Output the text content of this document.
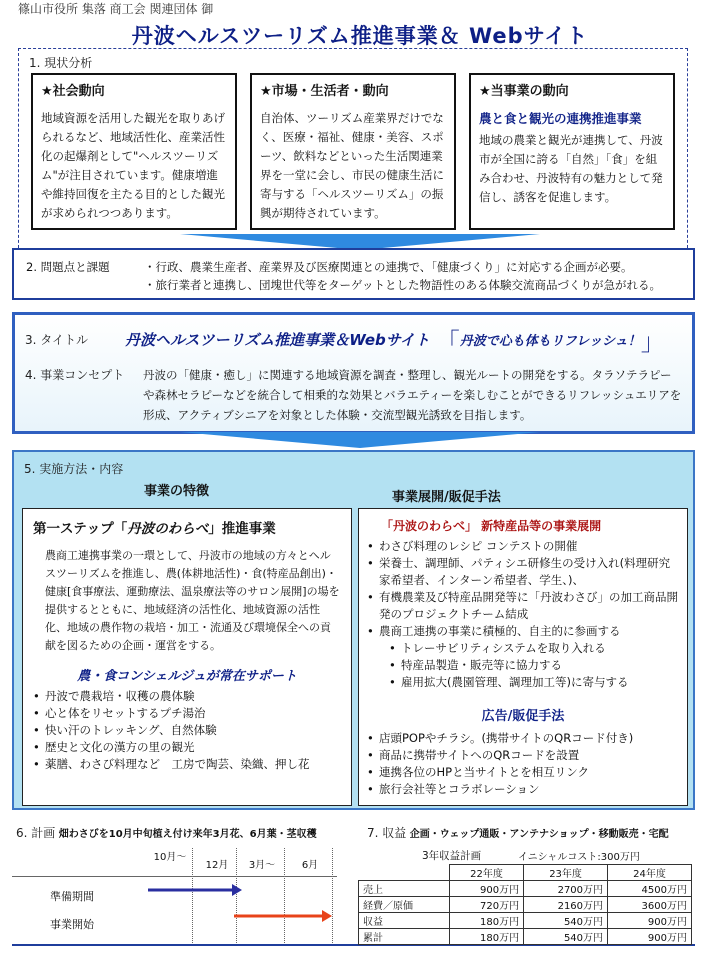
篠山市役所 集落 商工会 関連団体 御
丹波ヘルスツーリズム推進事業＆ Webサイト
1. 現状分析
★社会動向
地域資源を活用した観光を取りあげられるなど、地域活性化、産業活性化の起爆剤として"ヘルスツーリズム"が注目されています。健康増進や維持回復を主たる目的とした観光が求められつつあります。
★市場・生活者・動向
自治体、ツーリズム産業界だけでなく、医療・福祉、健康・美容、スポーツ、飲料などといった生活関連業界を一堂に会し、市民の健康生活に寄与する「ヘルスツーリズム」の振興が期待されています。
★当事業の動向
農と食と観光の連携推進事業
地域の農業と観光が連携して、丹波市が全国に誇る「自然」「食」を組み合わせ、丹波特有の魅力として発信し、誘客を促進します。
2. 問題点と課題	・行政、農業生産者、産業界及び医療関連との連携で、「健康づくり」に対応する企画が必要。
・旅行業者と連携し、団塊世代等をターゲットとした物語性のある体験交流商品づくりが急がれる。
3. タイトル	丹波ヘルスツーリズム推進事業＆Webサイト 「 丹波で心も体もリフレッシュ！ 」
4. 事業コンセプト	丹波の「健康・癒し」に関連する地域資源を調査・整理し、観光ルートの開発をする。タラソテラピーや森林セラピーなどを統合して相乗的な効果とバラエティーを楽しむことができるリフレッシュエリアを形成、アクティブシニアを対象とした体験・交流型観光誘致を目指します。
5. 実施方法・内容
事業の特徴	事業展開/販促手法
第一ステップ「丹波のわらべ」推進事業
農商工連携事業の一環として、丹波市の地域の方々とヘルスツーリズムを推進し、農(体耕地活性)・食(特産品創出)・健康[食事療法、運動療法、温泉療法等のサロン展開]の場を提供するとともに、地域経済の活性化、地域資源の活性化、地域の農作物の栽培・加工・流通及び環境保全への貢献を図るための企画・運営をする。
農・食コンシェルジュが常在サポート
• 丹波で農栽培・収穫の農体験
• 心と体をリセットするプチ湯治
• 快い汗のトレッキング、自然体験
• 歴史と文化の漢方の里の観光
• 薬膳、わさび料理など　工房で陶芸、染織、押し花
「丹波のわらべ」 新特産品等の事業展開
• わさび料理のレシピ コンテストの開催
• 栄養士、調理師、パティシエ研修生の受け入れ(料理研究家希望者、インターン希望者、学生、)、
• 有機農業及び特産品開発等に「丹波わさび」の加工商品開発のプロジェクトチーム結成
• 農商工連携の事業に積極的、自主的に参画する
• トレーサビリティシステムを取り入れる
• 特産品製造・販売等に協力する
• 雇用拡大(農園管理、調理加工等)に寄与する
広告/販促手法
• 店頭POPやチラシ。(携帯サイトのQRコード付き)
• 商品に携帯サイトへのQRコードを設置
• 連携各位のHPと当サイトとを相互リンク
• 旅行会社等とコラボレーション
6. 計画 畑わさびを10月中旬植え付け来年3月花、6月葉・茎収穫
10月～
12月	3月～	6月
準備期間
事業開始
7. 収益 企画・ウェップ通販・アンテナショップ・移動販売・宅配
3年収益計画	イニシャルコスト:300万円
	22年度	23年度	24年度
売上	900万円	2700万円	4500万円
経費／原価	720万円	2160万円	3600万円
収益	180万円	540万円	900万円
累計	180万円	540万円	900万円
